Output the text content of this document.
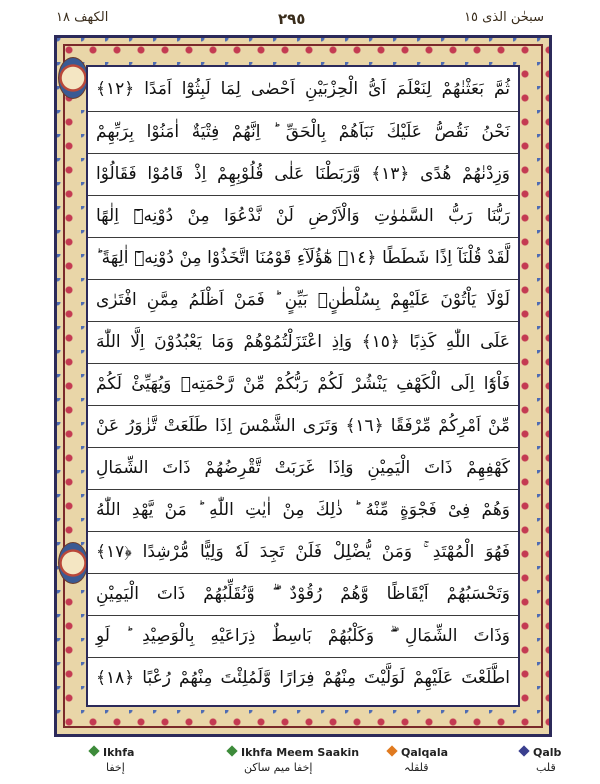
الكهف ١٨	٢٩٥	سبحٰن الذی ١٥
ثُمَّ بَعَثْنٰهُمْ لِنَعْلَمَ اَیُّ الْحِزْبَیْنِ اَحْصٰی لِمَا لَبِثُوْٓا اَمَدًا ﴿١٢﴾
نَحْنُ نَقُصُّ عَلَیْكَ نَبَاَهُمْ بِالْحَقِّ ؕ اِنَّهُمْ فِتْیَةٌ اٰمَنُوْا بِرَبِّهِمْ
وَزِدْنٰهُمْ هُدًی ﴿١٣﴾ وَّرَبَطْنَا عَلٰی قُلُوْبِهِمْ اِذْ قَامُوْا فَقَالُوْا
رَبُّنَا رَبُّ السَّمٰوٰتِ وَالْاَرْضِ لَنْ نَّدْعُوَا مِنْ دُوْنِهٖٓ اِلٰهًا
لَّقَدْ قُلْنَآ اِذًا شَطَطًا ﴿١٤﴾ هٰٓؤُلَآءِ قَوْمُنَا اتَّخَذُوْا مِنْ دُوْنِهٖٓ اٰلِهَةً ؕ
لَوْلَا یَاْتُوْنَ عَلَیْهِمْ بِسُلْطٰنٍۭ بَیِّنٍ ؕ فَمَنْ اَظْلَمُ مِمَّنِ افْتَرٰی
عَلَی اللّٰهِ كَذِبًا ﴿١٥﴾ وَاِذِ اعْتَزَلْتُمُوْهُمْ وَمَا یَعْبُدُوْنَ اِلَّا اللّٰهَ
فَاْوٗٓا اِلَی الْكَهْفِ یَنْشُرْ لَكُمْ رَبُّكُمْ مِّنْ رَّحْمَتِهٖ وَیُهَیِّئْ لَكُمْ
مِّنْ اَمْرِكُمْ مِّرْفَقًا ﴿١٦﴾ وَتَرَی الشَّمْسَ اِذَا طَلَعَتْ تَّزٰوَرُ عَنْ
كَهْفِهِمْ ذَاتَ الْیَمِیْنِ وَاِذَا غَرَبَتْ تَّقْرِضُهُمْ ذَاتَ الشِّمَالِ
وَهُمْ فِیْ فَجْوَةٍ مِّنْهُ ؕ ذٰلِكَ مِنْ اٰیٰتِ اللّٰهِ ؕ مَنْ یَّهْدِ اللّٰهُ
فَهُوَ الْمُهْتَدِ ۚ وَمَنْ یُّضْلِلْ فَلَنْ تَجِدَ لَهٗ وَلِیًّا مُّرْشِدًا ﴿١٧﴾
وَتَحْسَبُهُمْ اَیْقَاظًا وَّهُمْ رُقُوْدٌ ۖۗ وَّنُقَلِّبُهُمْ ذَاتَ الْیَمِیْنِ
وَذَاتَ الشِّمَالِ ۖۗ وَكَلْبُهُمْ بَاسِطٌ ذِرَاعَیْهِ بِالْوَصِیْدِ ؕ لَوِ
اطَّلَعْتَ عَلَیْهِمْ لَوَلَّیْتَ مِنْهُمْ فِرَارًا وَّلَمُلِئْتَ مِنْهُمْ رُعْبًا ﴿١٨﴾
Ikhfa
إخفا
Ikhfa Meem Saakin
إخفا میم ساکن
Qalqala
قلقلہ
Qalb
قلب
